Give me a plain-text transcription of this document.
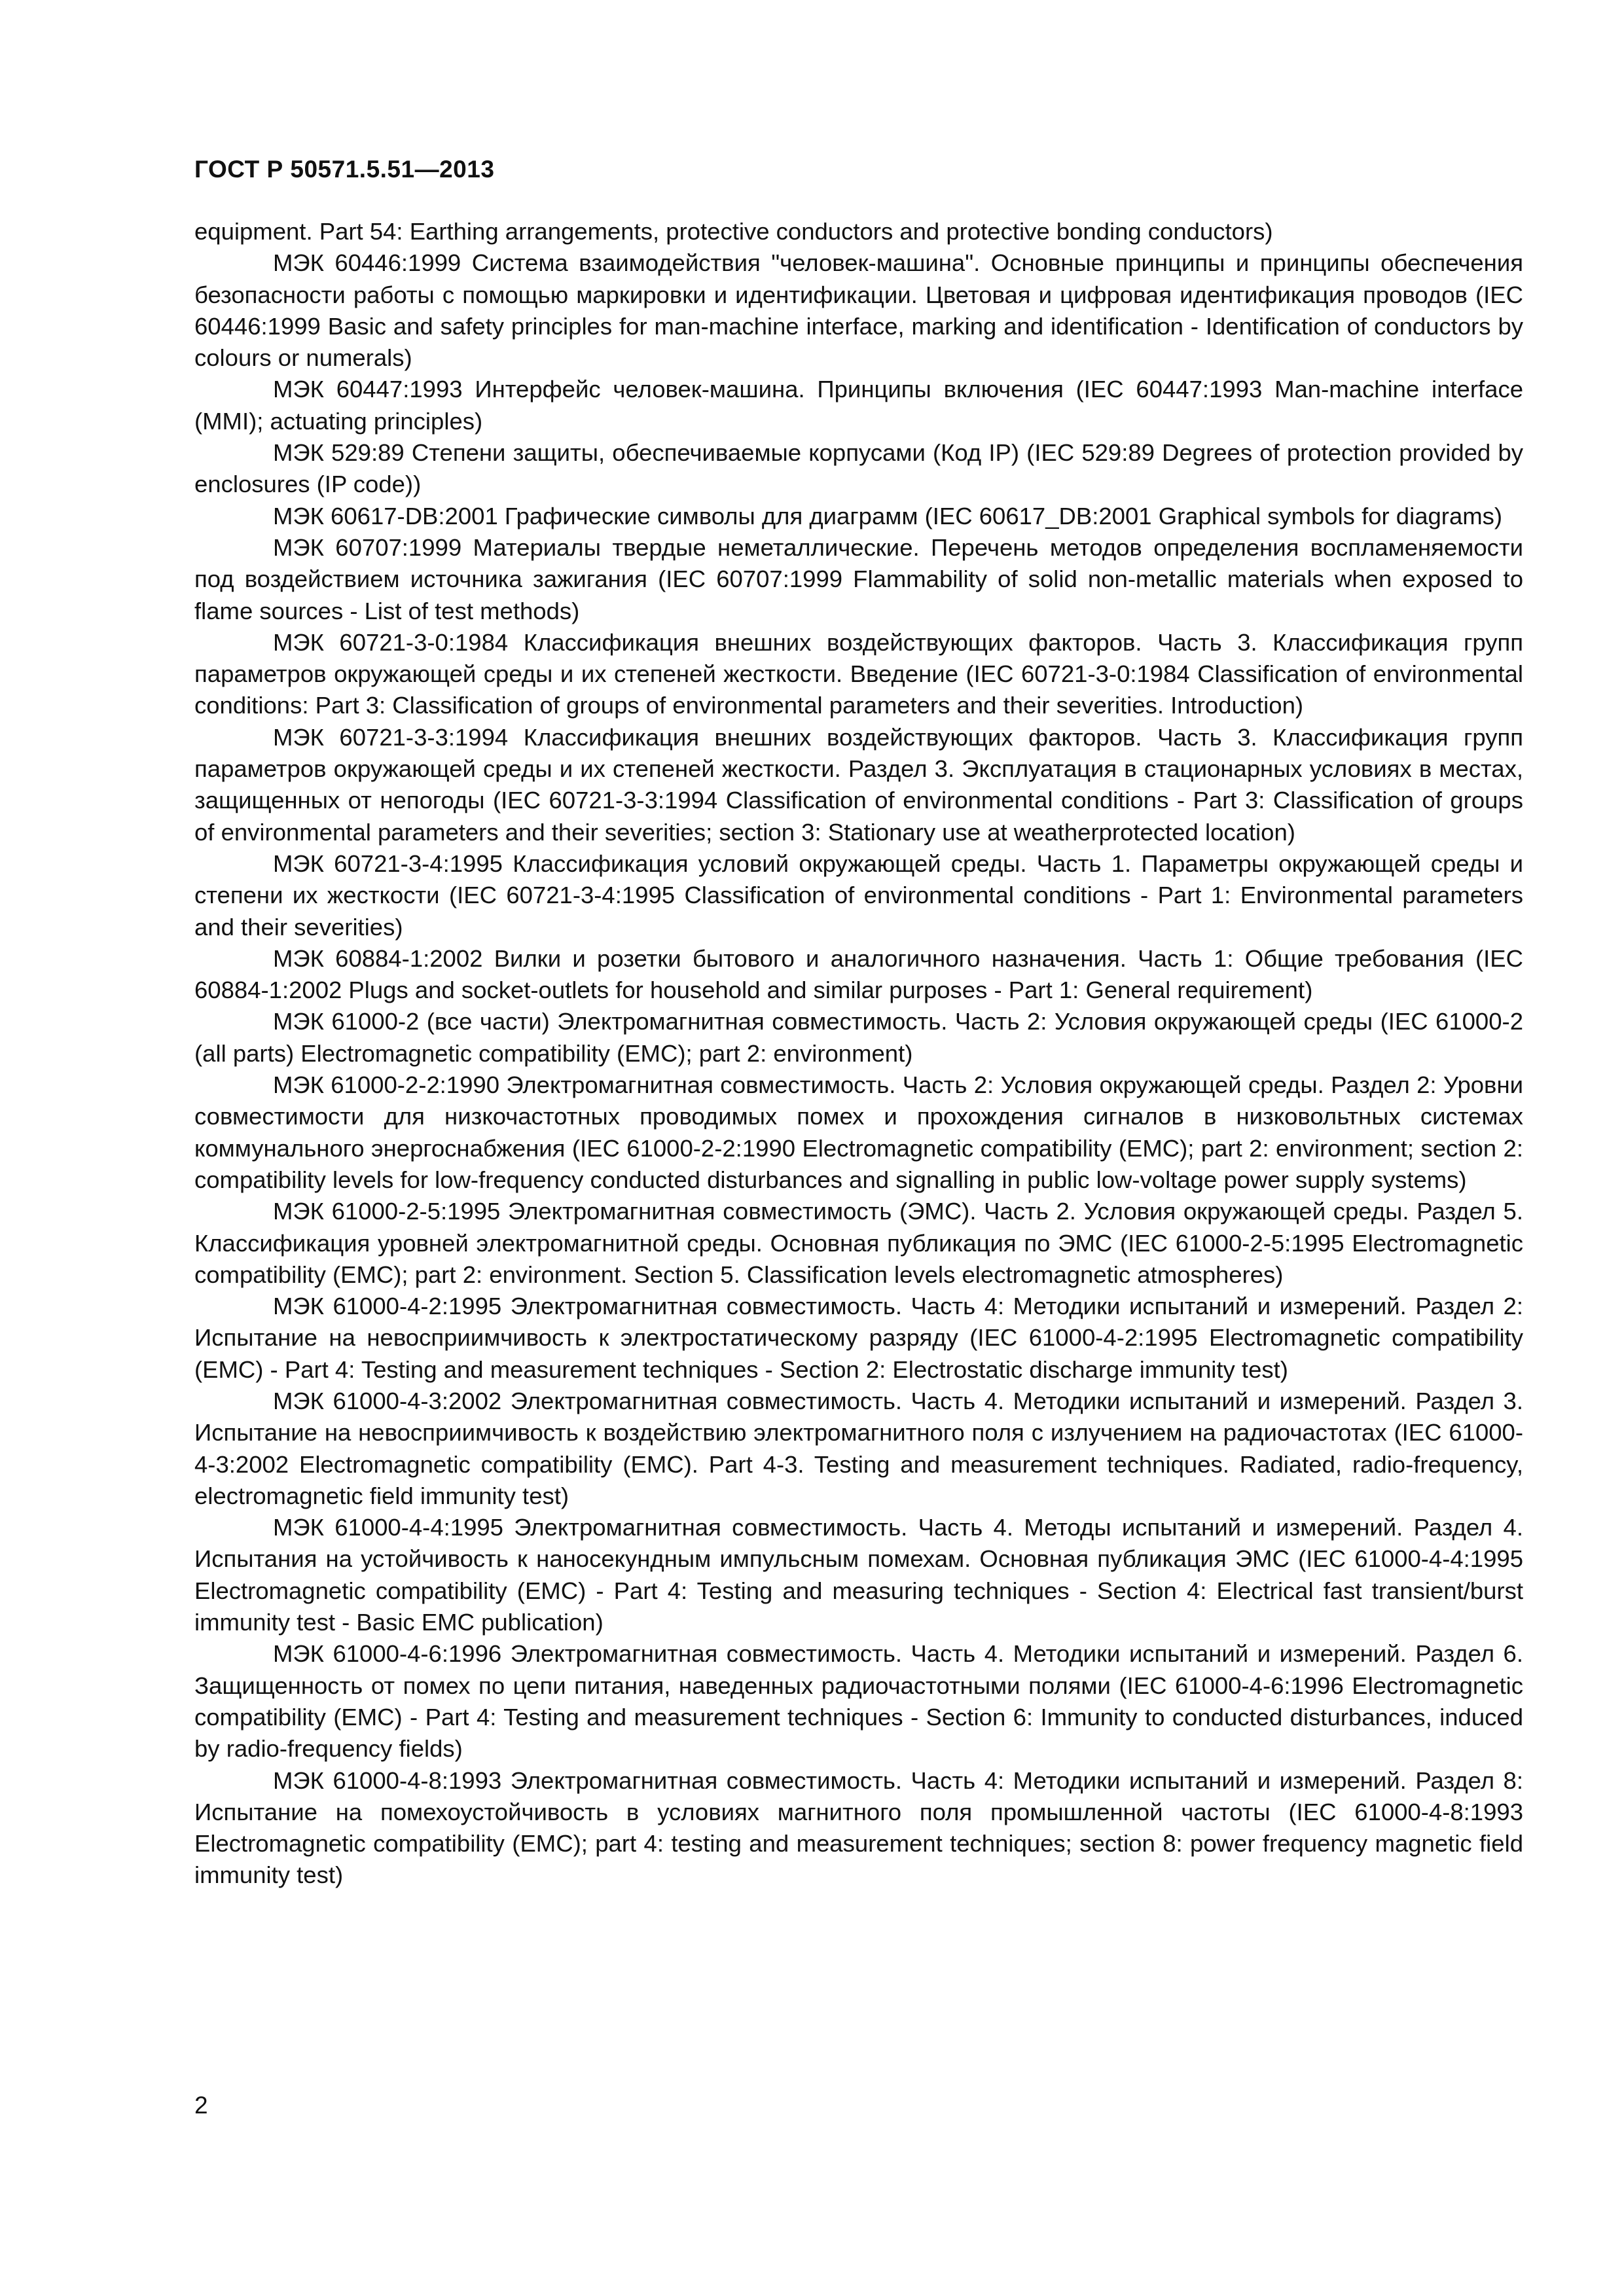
ГОСТ Р 50571.5.51—2013

equipment. Part 54: Earthing arrangements, protective conductors and protective bonding conductors)

МЭК 60446:1999 Система взаимодействия "человек-машина". Основные принципы и принципы обеспечения безопасности работы с помощью маркировки и идентификации. Цветовая и цифровая идентификация проводов (IEC 60446:1999 Basic and safety principles for man-machine interface, marking and identification - Identification of conductors by colours or numerals)

МЭК 60447:1993 Интерфейс человек-машина. Принципы включения (IEC 60447:1993 Man-machine interface (MMI); actuating principles)

МЭК 529:89 Степени защиты, обеспечиваемые корпусами (Код IP) (IEC 529:89 Degrees of protection provided by enclosures (IP code))

МЭК 60617-DB:2001 Графические символы для диаграмм (IEC 60617_DB:2001 Graphical symbols for diagrams)

МЭК 60707:1999 Материалы твердые неметаллические. Перечень методов определения воспламеняемости под воздействием источника зажигания (IEC 60707:1999 Flammability of solid non-metallic materials when exposed to flame sources - List of test methods)

МЭК 60721-3-0:1984 Классификация внешних воздействующих факторов. Часть 3. Классификация групп параметров окружающей среды и их степеней жесткости. Введение (IEC 60721-3-0:1984 Classification of environmental conditions: Part 3: Classification of groups of environmental parameters and their severities. Introduction)

МЭК 60721-3-3:1994 Классификация внешних воздействующих факторов. Часть 3. Классификация групп параметров окружающей среды и их степеней жесткости. Раздел 3. Эксплуатация в стационарных условиях в местах, защищенных от непогоды (IEC 60721-3-3:1994 Classification of environmental conditions - Part 3: Classification of groups of environmental parameters and their severities; section 3: Stationary use at weatherprotected location)

МЭК 60721-3-4:1995 Классификация условий окружающей среды. Часть 1. Параметры окружающей среды и степени их жесткости (IEC 60721-3-4:1995 Classification of environmental conditions - Part 1: Environmental parameters and their severities)

МЭК 60884-1:2002 Вилки и розетки бытового и аналогичного назначения. Часть 1: Общие требования (IEC 60884-1:2002 Plugs and socket-outlets for household and similar purposes - Part 1: General requirement)

МЭК 61000-2 (все части) Электромагнитная совместимость. Часть 2: Условия окружающей среды (IEC 61000-2 (all parts) Electromagnetic compatibility (EMC); part 2: environment)

МЭК 61000-2-2:1990 Электромагнитная совместимость. Часть 2: Условия окружающей среды. Раздел 2: Уровни совместимости для низкочастотных проводимых помех и прохождения сигналов в низковольтных системах коммунального энергоснабжения (IEC 61000-2-2:1990 Electromagnetic compatibility (EMC); part 2: environment; section 2: compatibility levels for low-frequency conducted disturbances and signalling in public low-voltage power supply systems)

МЭК 61000-2-5:1995 Электромагнитная совместимость (ЭМС). Часть 2. Условия окружающей среды. Раздел 5. Классификация уровней электромагнитной среды. Основная публикация по ЭМС (IEC 61000-2-5:1995 Electromagnetic compatibility (EMC); part 2: environment. Section 5. Classification levels electromagnetic atmospheres)

МЭК 61000-4-2:1995 Электромагнитная совместимость. Часть 4: Методики испытаний и измерений. Раздел 2: Испытание на невосприимчивость к электростатическому разряду (IEC 61000-4-2:1995 Electromagnetic compatibility (EMC) - Part 4: Testing and measurement techniques - Section 2: Electrostatic discharge immunity test)

МЭК 61000-4-3:2002 Электромагнитная совместимость. Часть 4. Методики испытаний и измерений. Раздел 3. Испытание на невосприимчивость к воздействию электромагнитного поля с излучением на радиочастотах (IEC 61000-4-3:2002 Electromagnetic compatibility (EMC). Part 4-3. Testing and measurement techniques. Radiated, radio-frequency, electromagnetic field immunity test)

МЭК 61000-4-4:1995 Электромагнитная совместимость. Часть 4. Методы испытаний и измерений. Раздел 4. Испытания на устойчивость к наносекундным импульсным помехам. Основная публикация ЭМС (IEC 61000-4-4:1995 Electromagnetic compatibility (EMC) - Part 4: Testing and measuring techniques - Section 4: Electrical fast transient/burst immunity test - Basic EMC publication)

МЭК 61000-4-6:1996 Электромагнитная совместимость. Часть 4. Методики испытаний и измерений. Раздел 6. Защищенность от помех по цепи питания, наведенных радиочастотными полями (IEC 61000-4-6:1996 Electromagnetic compatibility (EMC) - Part 4: Testing and measurement techniques - Section 6: Immunity to conducted disturbances, induced by radio-frequency fields)

МЭК 61000-4-8:1993 Электромагнитная совместимость. Часть 4: Методики испытаний и измерений. Раздел 8: Испытание на помехоустойчивость в условиях магнитного поля промышленной частоты (IEC 61000-4-8:1993 Electromagnetic compatibility (EMC); part 4: testing and measurement techniques; section 8: power frequency magnetic field immunity test)

2
